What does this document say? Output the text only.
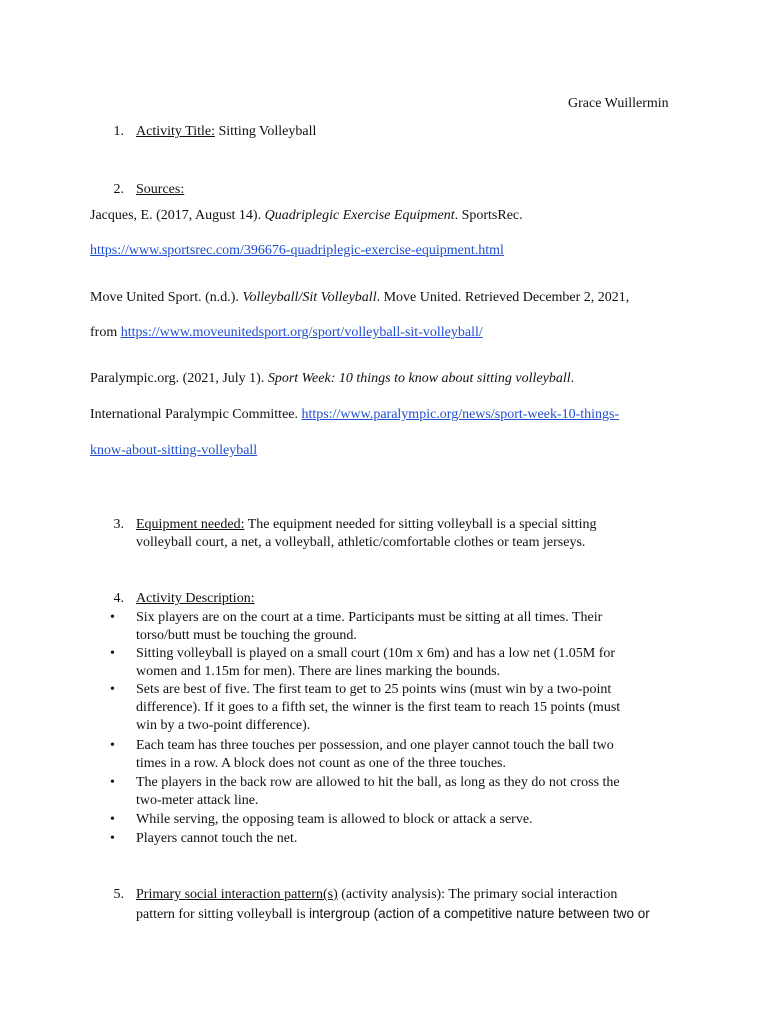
Grace Wuillermin
1. Activity Title: Sitting Volleyball
2. Sources:
Jacques, E. (2017, August 14). Quadriplegic Exercise Equipment. SportsRec.
https://www.sportsrec.com/396676-quadriplegic-exercise-equipment.html
Move United Sport. (n.d.). Volleyball/Sit Volleyball. Move United. Retrieved December 2, 2021,
from https://www.moveunitedsport.org/sport/volleyball-sit-volleyball/
Paralympic.org. (2021, July 1). Sport Week: 10 things to know about sitting volleyball.
International Paralympic Committee. https://www.paralympic.org/news/sport-week-10-things-
know-about-sitting-volleyball
3. Equipment needed: The equipment needed for sitting volleyball is a special sitting
volleyball court, a net, a volleyball, athletic/comfortable clothes or team jerseys.
4. Activity Description:
• Six players are on the court at a time. Participants must be sitting at all times. Their
torso/butt must be touching the ground.
• Sitting volleyball is played on a small court (10m x 6m) and has a low net (1.05M for
women and 1.15m for men). There are lines marking the bounds.
• Sets are best of five. The first team to get to 25 points wins (must win by a two-point
difference). If it goes to a fifth set, the winner is the first team to reach 15 points (must
win by a two-point difference).
• Each team has three touches per possession, and one player cannot touch the ball two
times in a row. A block does not count as one of the three touches.
• The players in the back row are allowed to hit the ball, as long as they do not cross the
two-meter attack line.
• While serving, the opposing team is allowed to block or attack a serve.
• Players cannot touch the net.
5. Primary social interaction pattern(s) (activity analysis): The primary social interaction
pattern for sitting volleyball is intergroup (action of a competitive nature between two or
